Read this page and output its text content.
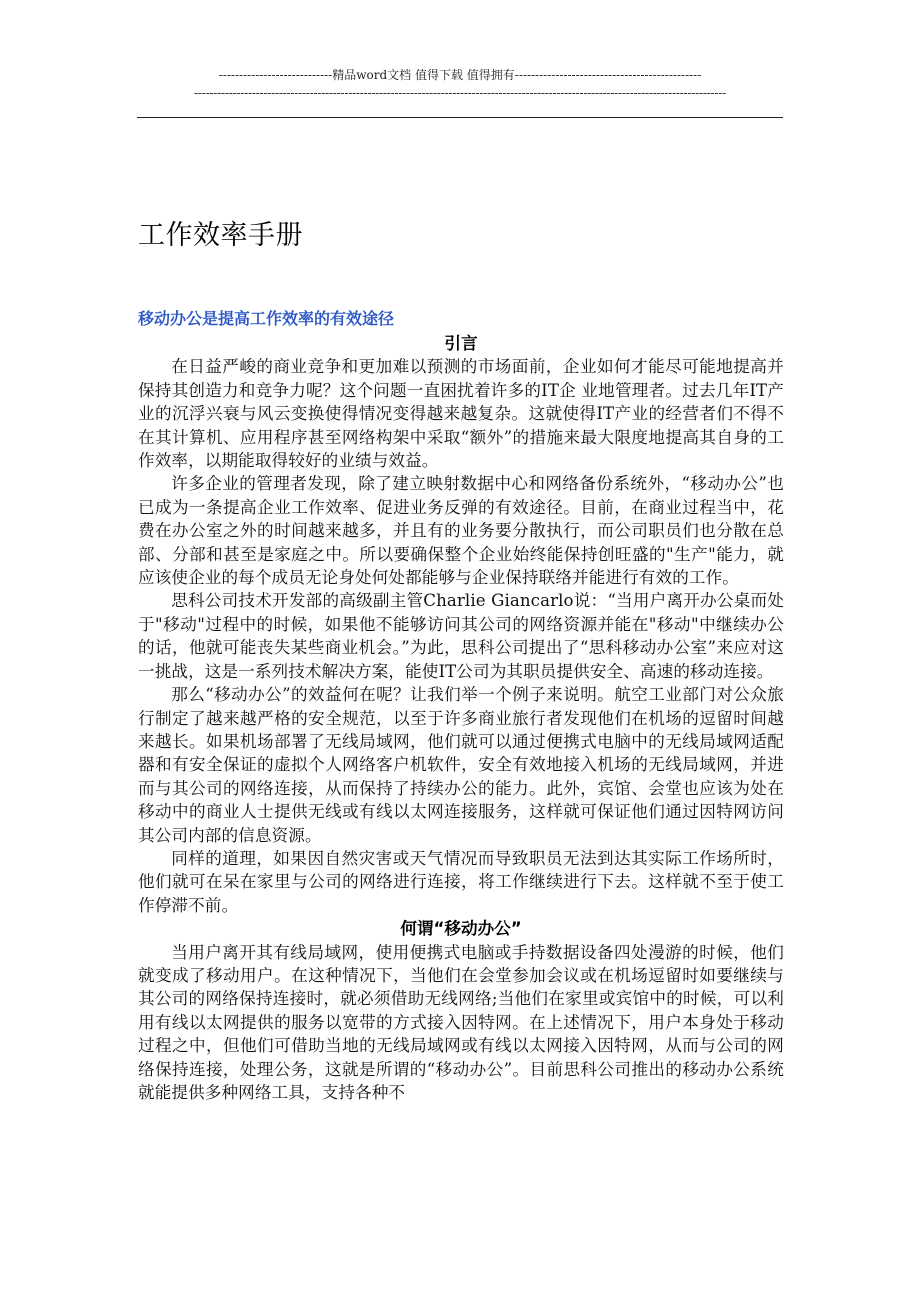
----------------------------精品word文档 值得下载 值得拥有----------------------------------------------
------------------------------------------------------------------------------------------------------------------------------------------
工作效率手册
移动办公是提高工作效率的有效途径
引言

在日益严峻的商业竞争和更加难以预测的市场面前，企业如何才能尽可能地提高并保持其创造力和竞争力呢？这个问题一直困扰着许多的IT企 业地管理者。过去几年IT产业的沉浮兴衰与风云变换使得情况变得越来越复杂。这就使得IT产业的经营者们不得不在其计算机、应用程序甚至网络构架中采取“额外”的措施来最大限度地提高其自身的工作效率，以期能取得较好的业绩与效益。

许多企业的管理者发现，除了建立映射数据中心和网络备份系统外，“移动办公”也已成为一条提高企业工作效率、促进业务反弹的有效途径。目前，在商业过程当中，花费在办公室之外的时间越来越多，并且有的业务要分散执行，而公司职员们也分散在总部、分部和甚至是家庭之中。所以要确保整个企业始终能保持创旺盛的"生产"能力，就应该使企业的每个成员无论身处何处都能够与企业保持联络并能进行有效的工作。

思科公司技术开发部的高级副主管Charlie Giancarlo说：“当用户离开办公桌而处于"移动"过程中的时候，如果他不能够访问其公司的网络资源并能在"移动"中继续办公的话，他就可能丧失某些商业机会。”为此，思科公司提出了“思科移动办公室”来应对这一挑战，这是一系列技术解决方案，能使IT公司为其职员提供安全、高速的移动连接。

那么“移动办公”的效益何在呢？让我们举一个例子来说明。航空工业部门对公众旅行制定了越来越严格的安全规范，以至于许多商业旅行者发现他们在机场的逗留时间越来越长。如果机场部署了无线局域网，他们就可以通过便携式电脑中的无线局域网适配器和有安全保证的虚拟个人网络客户机软件，安全有效地接入机场的无线局域网，并进而与其公司的网络连接，从而保持了持续办公的能力。此外，宾馆、会堂也应该为处在移动中的商业人士提供无线或有线以太网连接服务，这样就可保证他们通过因特网访问其公司内部的信息资源。

同样的道理，如果因自然灾害或天气情况而导致职员无法到达其实际工作场所时，他们就可在呆在家里与公司的网络进行连接，将工作继续进行下去。这样就不至于使工作停滞不前。

何谓“移动办公”

当用户离开其有线局域网，使用便携式电脑或手持数据设备四处漫游的时候，他们就变成了移动用户。在这种情况下，当他们在会堂参加会议或在机场逗留时如要继续与其公司的网络保持连接时，就必须借助无线网络;当他们在家里或宾馆中的时候，可以利用有线以太网提供的服务以宽带的方式接入因特网。在上述情况下，用户本身处于移动过程之中，但他们可借助当地的无线局域网或有线以太网接入因特网，从而与公司的网络保持连接，处理公务，这就是所谓的“移动办公”。目前思科公司推出的移动办公系统就能提供多种网络工具，支持各种不
